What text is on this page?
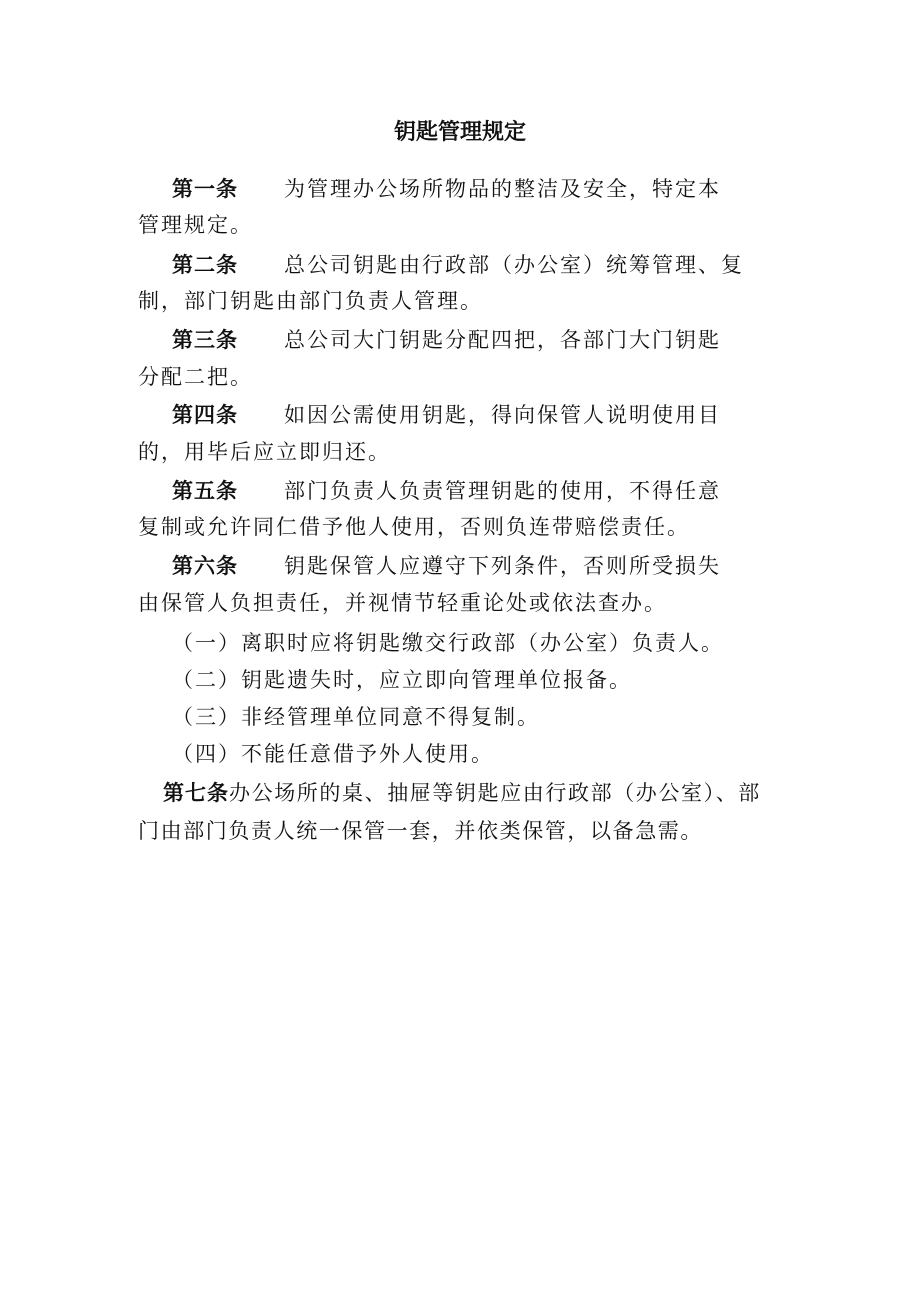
钥匙管理规定

第一条 为管理办公场所物品的整洁及安全，特定本

管理规定。

第二条 总公司钥匙由行政部（办公室）统筹管理、复

制，部门钥匙由部门负责人管理。

第三条 总公司大门钥匙分配四把，各部门大门钥匙

分配二把。

第四条 如因公需使用钥匙，得向保管人说明使用目

的，用毕后应立即归还。

第五条 部门负责人负责管理钥匙的使用，不得任意

复制或允许同仁借予他人使用，否则负连带赔偿责任。

第六条 钥匙保管人应遵守下列条件，否则所受损失

由保管人负担责任，并视情节轻重论处或依法查办。

（一）离职时应将钥匙缴交行政部（办公室）负责人。

（二）钥匙遗失时，应立即向管理单位报备。

（三）非经管理单位同意不得复制。

（四）不能任意借予外人使用。

第七条办公场所的桌、抽屉等钥匙应由行政部（办公室）、部

门由部门负责人统一保管一套，并依类保管，以备急需。
